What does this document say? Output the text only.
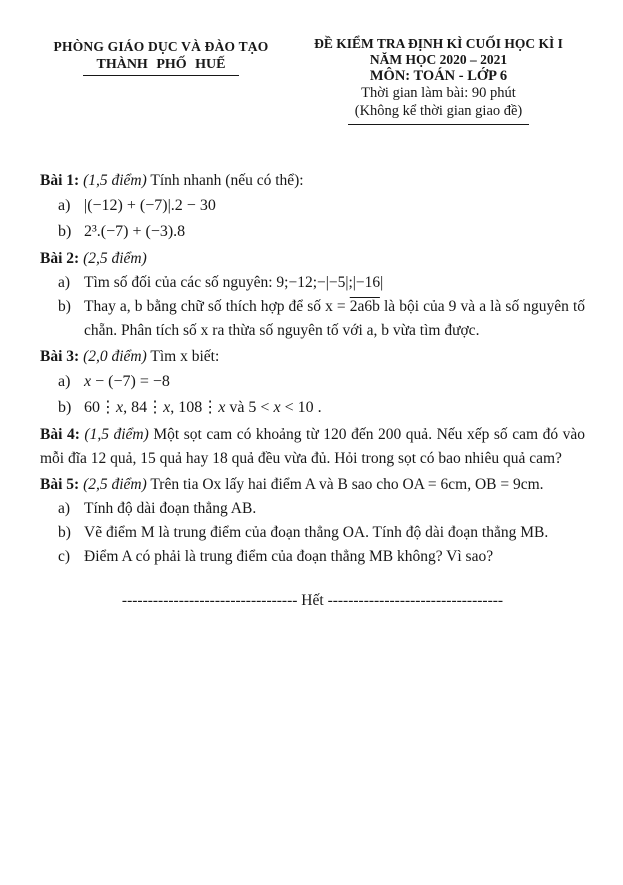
PHÒNG GIÁO DỤC VÀ ĐÀO TẠO
THÀNH PHỐ HUẾ
ĐỀ KIỂM TRA ĐỊNH KÌ CUỐI HỌC KÌ I
NĂM HỌC 2020 – 2021
MÔN: TOÁN - LỚP 6
Thời gian làm bài: 90 phút
(Không kể thời gian giao đề)
Bài 1: (1,5 điểm) Tính nhanh (nếu có thể):
a) |(−12) + (−7)|.2 − 30
b) 2³.(−7) + (−3).8
Bài 2: (2,5 điểm)
a) Tìm số đối của các số nguyên: 9;−12;−|−5|;|−16|
b) Thay a, b bằng chữ số thích hợp để số x = 2a6b là bội của 9 và a là số nguyên tố chẵn. Phân tích số x ra thừa số nguyên tố với a, b vừa tìm được.
Bài 3: (2,0 điểm) Tìm x biết:
a) x − (−7) = −8
b) 60⋮x, 84⋮x, 108⋮x và 5 < x < 10 .
Bài 4: (1,5 điểm) Một sọt cam có khoảng từ 120 đến 200 quả. Nếu xếp số cam đó vào mỗi đĩa 12 quả, 15 quả hay 18 quả đều vừa đủ. Hỏi trong sọt có bao nhiêu quả cam?
Bài 5: (2,5 điểm) Trên tia Ox lấy hai điểm A và B sao cho OA = 6cm, OB = 9cm.
a) Tính độ dài đoạn thẳng AB.
b) Vẽ điểm M là trung điểm của đoạn thẳng OA. Tính độ dài đoạn thẳng MB.
c) Điểm A có phải là trung điểm của đoạn thẳng MB không? Vì sao?
---------------------------------- Hết ----------------------------------
